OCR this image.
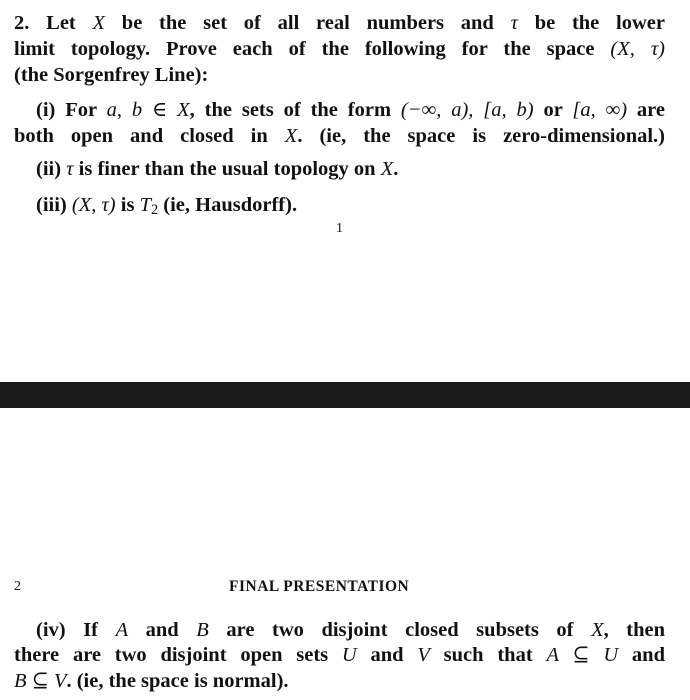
2. Let X be the set of all real numbers and τ be the lower
limit topology. Prove each of the following for the space (X, τ)
(the Sorgenfrey Line):
(i) For a, b ∈ X, the sets of the form (−∞, a), [a, b) or [a, ∞) are
both open and closed in X. (ie, the space is zero-dimensional.)
(ii) τ is finer than the usual topology on X.
(iii) (X, τ) is $T_2$ (ie, Hausdorff).
1
2	FINAL PRESENTATION
(iv) If A and B are two disjoint closed subsets of X, then
there are two disjoint open sets U and V such that A ⊆ U and
B ⊆ V. (ie, the space is normal).
